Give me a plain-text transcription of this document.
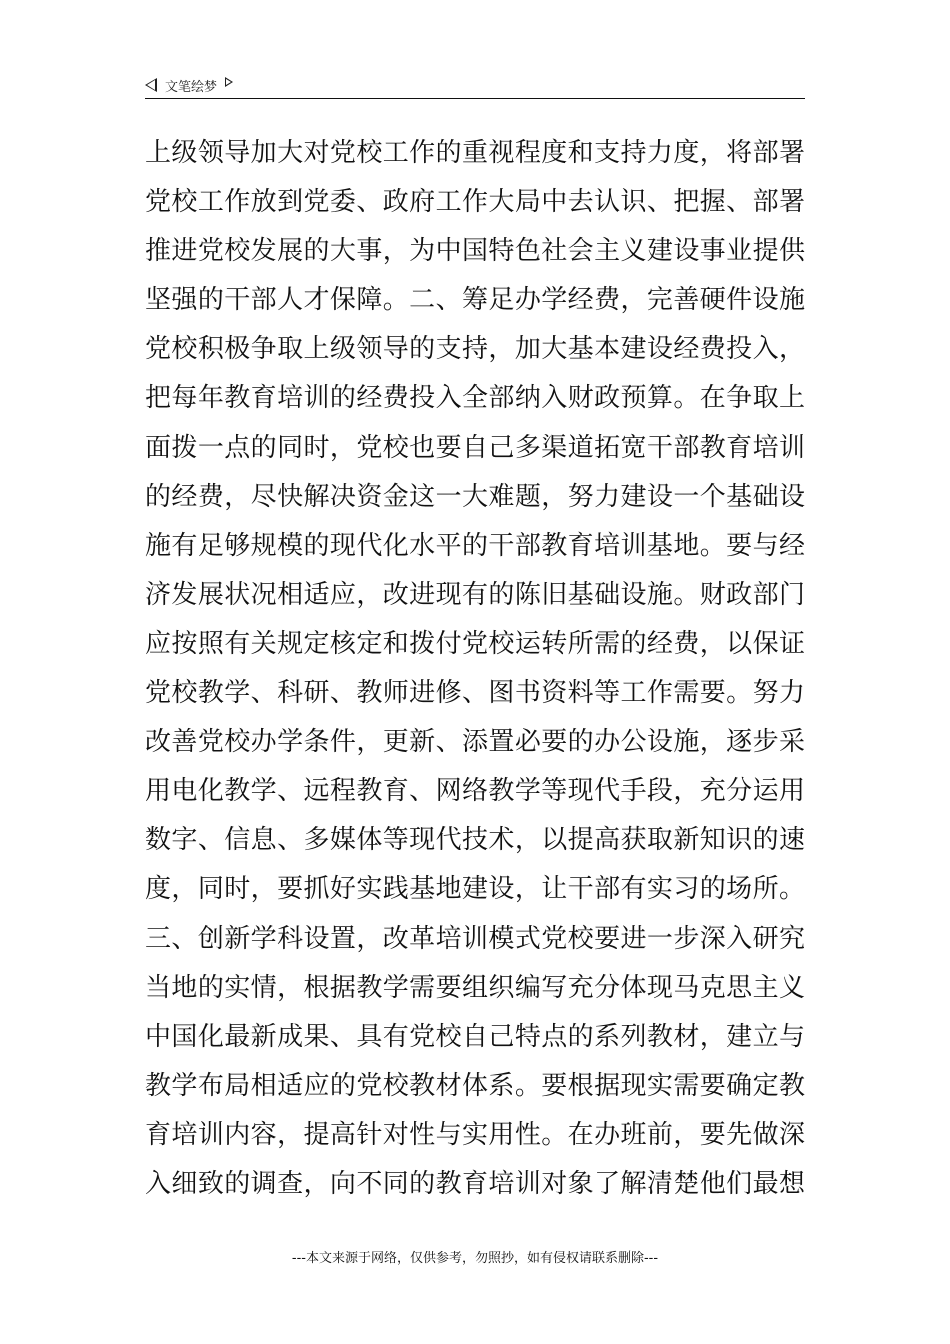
文笔绘梦
上级领导加大对党校工作的重视程度和支持力度，将部署
党校工作放到党委、政府工作大局中去认识、把握、部署
推进党校发展的大事，为中国特色社会主义建设事业提供
坚强的干部人才保障。二、筹足办学经费，完善硬件设施
党校积极争取上级领导的支持，加大基本建设经费投入，
把每年教育培训的经费投入全部纳入财政预算。在争取上
面拨一点的同时，党校也要自己多渠道拓宽干部教育培训
的经费，尽快解决资金这一大难题，努力建设一个基础设
施有足够规模的现代化水平的干部教育培训基地。要与经
济发展状况相适应，改进现有的陈旧基础设施。财政部门
应按照有关规定核定和拨付党校运转所需的经费，以保证
党校教学、科研、教师进修、图书资料等工作需要。努力
改善党校办学条件，更新、添置必要的办公设施，逐步采
用电化教学、远程教育、网络教学等现代手段，充分运用
数字、信息、多媒体等现代技术，以提高获取新知识的速
度，同时，要抓好实践基地建设，让干部有实习的场所。
三、创新学科设置，改革培训模式党校要进一步深入研究
当地的实情，根据教学需要组织编写充分体现马克思主义
中国化最新成果、具有党校自己特点的系列教材，建立与
教学布局相适应的党校教材体系。要根据现实需要确定教
育培训内容，提高针对性与实用性。在办班前，要先做深
入细致的调查，向不同的教育培训对象了解清楚他们最想
---本文来源于网络，仅供参考，勿照抄，如有侵权请联系删除---
